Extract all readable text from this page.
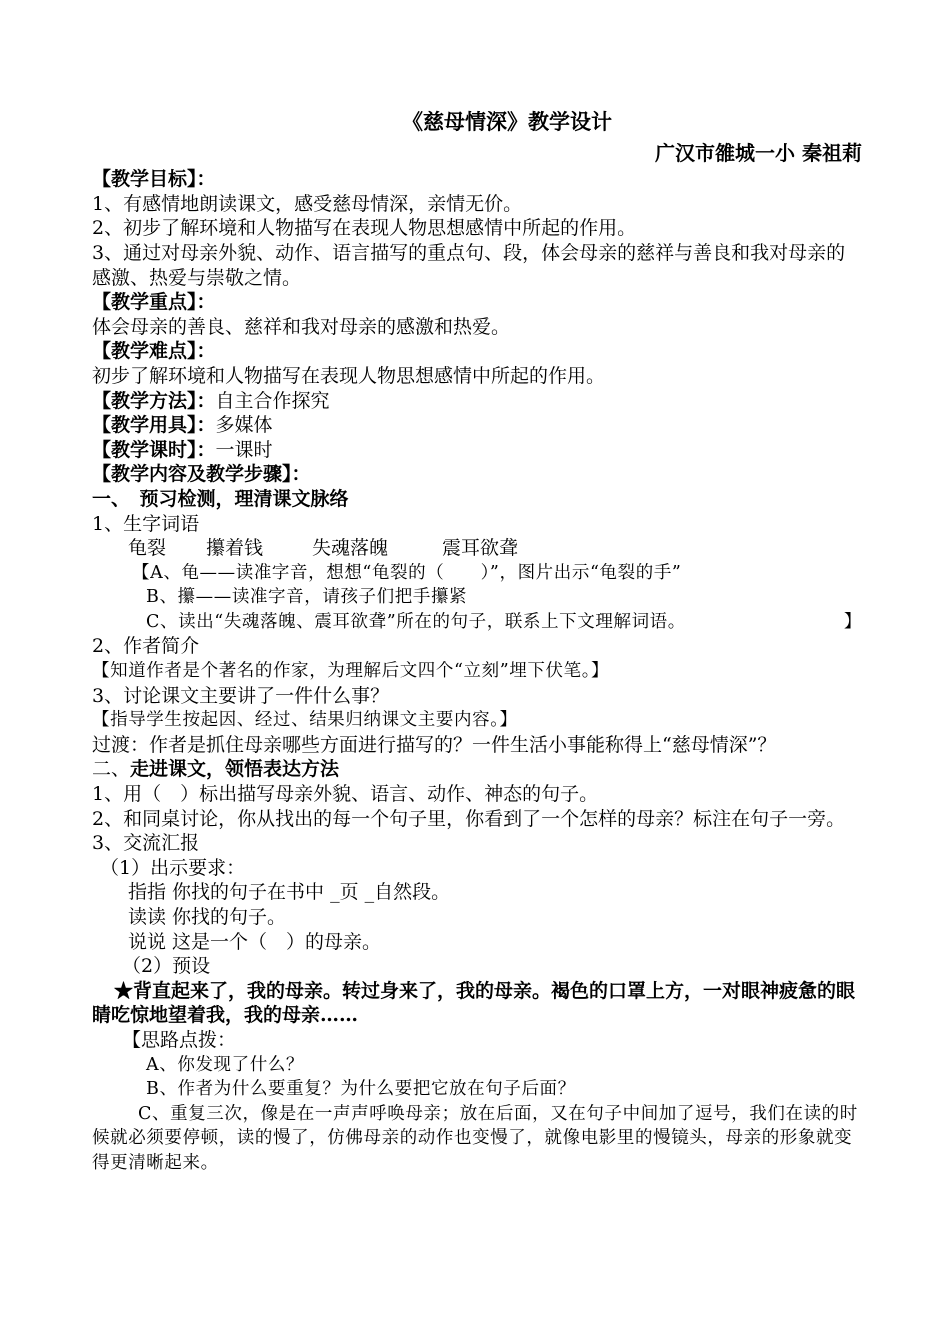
《慈母情深》教学设计
广汉市雒城一小 秦祖莉
【教学目标】：
1、有感情地朗读课文，感受慈母情深，亲情无价。
2、初步了解环境和人物描写在表现人物思想感情中所起的作用。
3、通过对母亲外貌、动作、语言描写的重点句、段，体会母亲的慈祥与善良和我对母亲的感激、热爱与崇敬之情。
【教学重点】：
体会母亲的善良、慈祥和我对母亲的感激和热爱。
【教学难点】：
初步了解环境和人物描写在表现人物思想感情中所起的作用。
【教学方法】：自主合作探究
【教学用具】：多媒体
【教学课时】：一课时
【教学内容及教学步骤】：
一、　预习检测，理清课文脉络
1、生字词语
龟裂 攥着钱	失魂落魄	震耳欲聋
【A、龟——读准字音，想想“龟裂的（　　）”，图片出示“龟裂的手”
B、攥——读准字音，请孩子们把手攥紧
C、读出“失魂落魄、震耳欲聋”所在的句子，联系上下文理解词语。	】
2、作者简介
【知道作者是个著名的作家，为理解后文四个“立刻”埋下伏笔。】
3、讨论课文主要讲了一件什么事？
【指导学生按起因、经过、结果归纳课文主要内容。】
过渡：作者是抓住母亲哪些方面进行描写的？一件生活小事能称得上“慈母情深”？
二、走进课文，领悟表达方法
1、用（　）标出描写母亲外貌、语言、动作、神态的句子。
2、和同桌讨论，你从找出的每一个句子里，你看到了一个怎样的母亲？标注在句子一旁。
3、交流汇报
（1）出示要求：
指指 你找的句子在书中 _页 _自然段。
读读 你找的句子。
说说 这是一个（　）的母亲。
（2）预设
★背直起来了，我的母亲。转过身来了，我的母亲。褐色的口罩上方，一对眼神疲惫的眼睛吃惊地望着我，我的母亲……
【思路点拨：
A、你发现了什么？
B、作者为什么要重复？为什么要把它放在句子后面？
C、重复三次，像是在一声声呼唤母亲；放在后面，又在句子中间加了逗号，我们在读的时候就必须要停顿，读的慢了，仿佛母亲的动作也变慢了，就像电影里的慢镜头，母亲的形象就变得更清晰起来。
